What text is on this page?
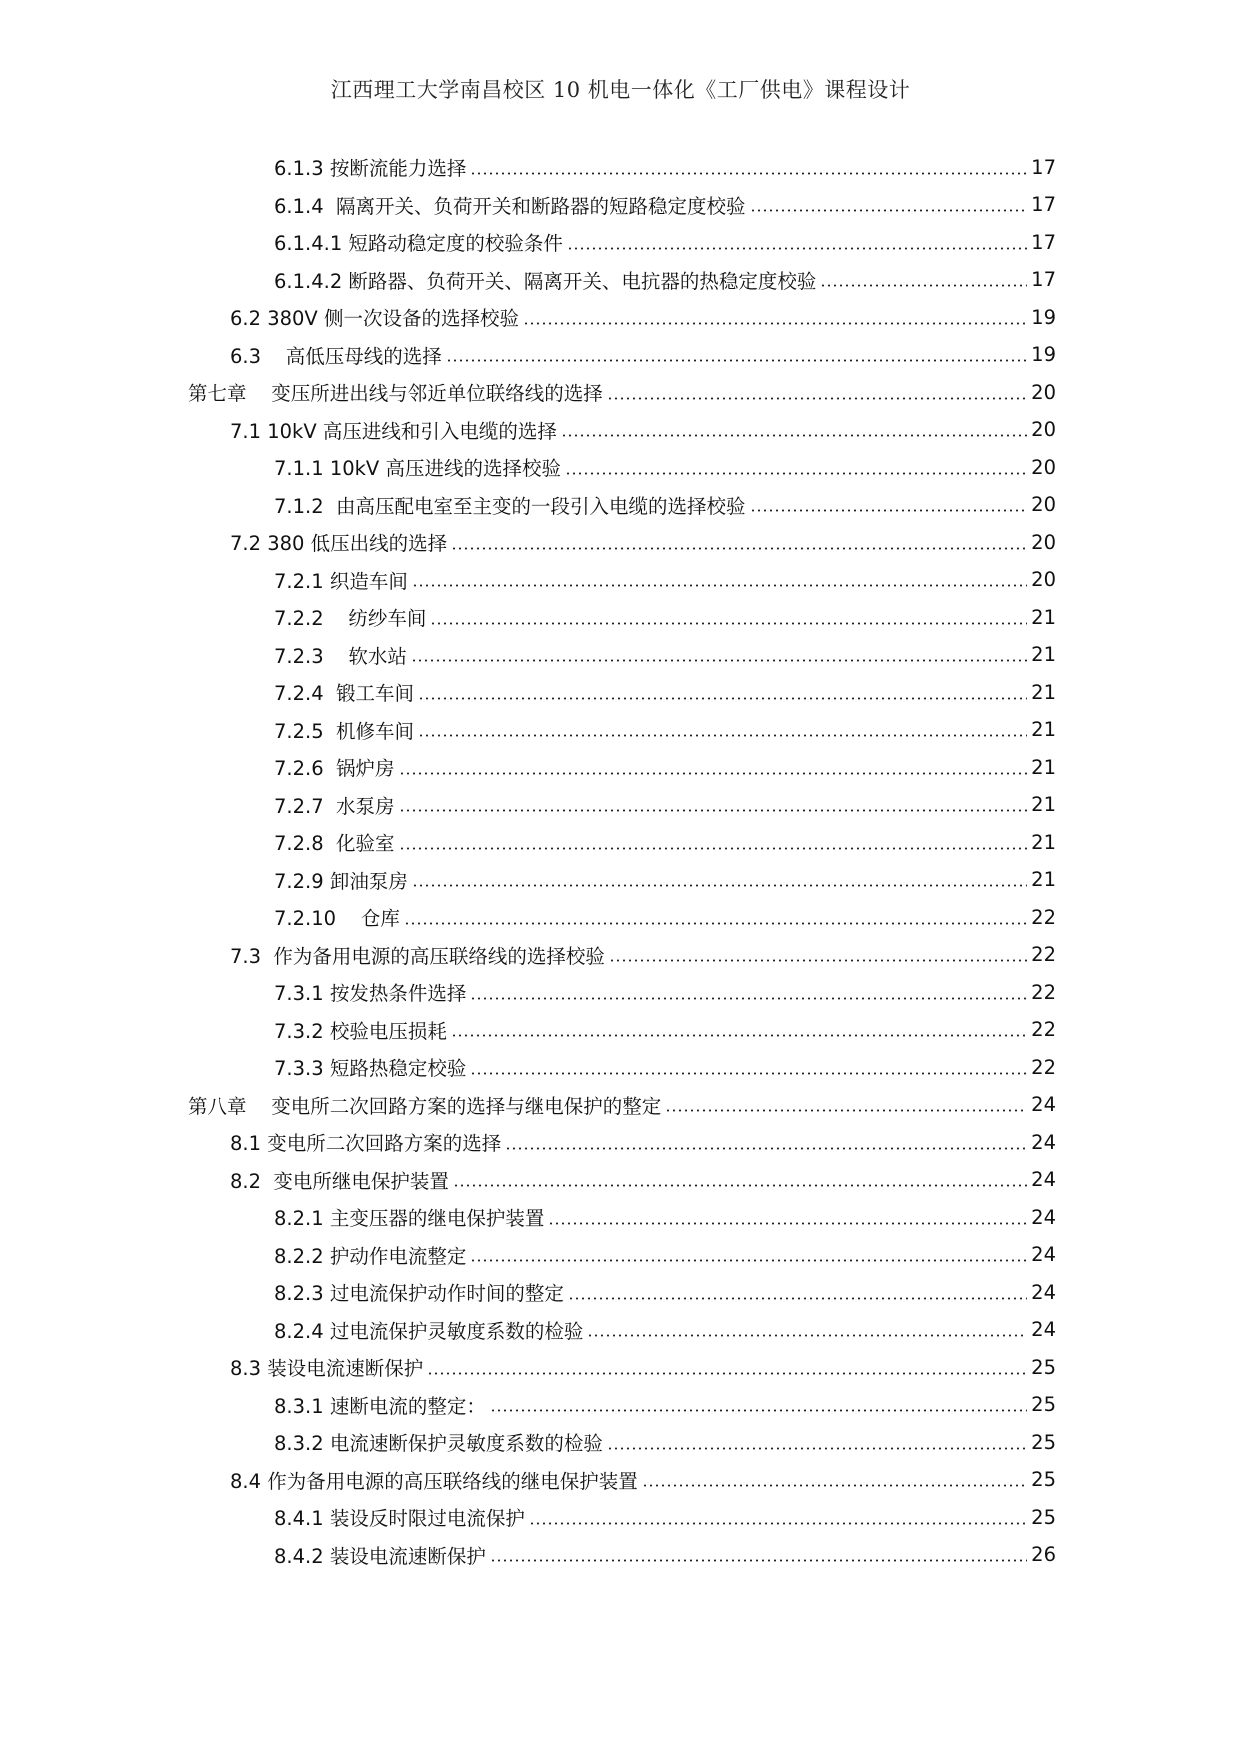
江西理工大学南昌校区 10 机电一体化《工厂供电》课程设计
6.1.3 按断流能力选择	17
6.1.4  隔离开关、负荷开关和断路器的短路稳定度校验	17
6.1.4.1 短路动稳定度的校验条件	17
6.1.4.2 断路器、负荷开关、隔离开关、电抗器的热稳定度校验	17
6.2 380V 侧一次设备的选择校验	19
6.3    高低压母线的选择	19
第七章    变压所进出线与邻近单位联络线的选择	20
7.1 10kV 高压进线和引入电缆的选择	20
7.1.1 10kV 高压进线的选择校验	20
7.1.2  由高压配电室至主变的一段引入电缆的选择校验	20
7.2 380 低压出线的选择	20
7.2.1 织造车间	20
7.2.2    纺纱车间	21
7.2.3    软水站	21
7.2.4  锻工车间	21
7.2.5  机修车间	21
7.2.6  锅炉房	21
7.2.7  水泵房	21
7.2.8  化验室	21
7.2.9 卸油泵房	21
7.2.10    仓库	22
7.3  作为备用电源的高压联络线的选择校验	22
7.3.1 按发热条件选择	22
7.3.2 校验电压损耗	22
7.3.3 短路热稳定校验	22
第八章    变电所二次回路方案的选择与继电保护的整定	24
8.1 变电所二次回路方案的选择	24
8.2  变电所继电保护装置	24
8.2.1 主变压器的继电保护装置	24
8.2.2 护动作电流整定	24
8.2.3 过电流保护动作时间的整定	24
8.2.4 过电流保护灵敏度系数的检验	24
8.3 装设电流速断保护	25
8.3.1 速断电流的整定：	25
8.3.2 电流速断保护灵敏度系数的检验	25
8.4 作为备用电源的高压联络线的继电保护装置	25
8.4.1 装设反时限过电流保护	25
8.4.2 装设电流速断保护	26
